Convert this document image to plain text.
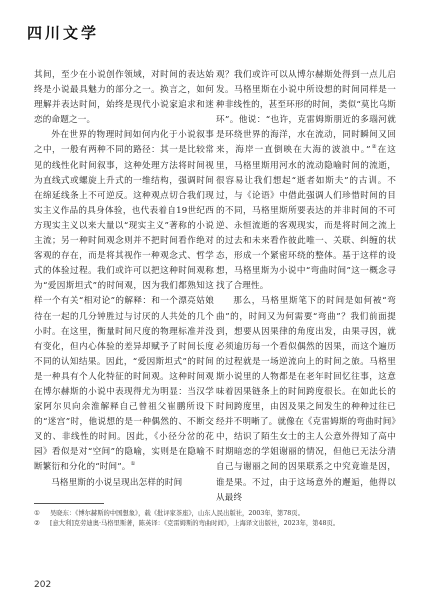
四川文学

其间，至少在小说创作领域，对时间的表达始终是小说最具魅力的部分之一。换言之，如何理解并表达时间，始终是现代小说家追求和迷恋的命题之一。

外在世界的物理时间如何内化于小说叙事之中，一般有两种不同的路径：其一是比较常见的线性化时间叙事，这种处理方法将时间视为直线式或螺旋上升式的一维结构，强调时间在绵延线条上不可逆反。这种观点切合我们现实主义作品的具身体验，也代表着自19世纪西方现实主义以来大量以“现实主义”著称的小说主流；另一种时间观念则并不把时间看作绝对客观的存在，而是将其视作一种观念式、哲学式的体验过程。我们或许可以把这种时间观称为“爱因斯坦式”的时间观，因为我们都熟知这样一个有关“相对论”的解释：和一个漂亮姑娘待在一起的几分钟胜过与讨厌的人共处的几个小时。在这里，衡量时间尺度的物理标准并没有变化，但内心体验的差异却赋予了时间长度不同的认知结果。因此，“爱因斯坦式”的时间是一种具有个人化特征的时间观。这种时间观在博尔赫斯的小说中表现得尤为明显：当汉学家阿尔贝向余淮解释自己曾祖父崔鹏所设下的“迷宫”时，他说想的是一种偶然的、不断交叉的、非线性的时间。因此，《小径分岔的花园》看似是对“空间”的隐喻，实则是在隐喻不断繁衍和分化的“时间”。①

马格里斯的小说呈现出怎样的时间

观？我们或许可以从博尔赫斯处得到一点儿启发。马格里斯在小说中所设想的时间同样是一种非线性的，甚至环形的时间，类似“莫比乌斯环”。他说：“也许，克雷姆斯朋近的多瑙河就是环绕世界的海洋，水在流动，同时瞬间又回来，海岸一直倒映在大海的波浪中。”②在这里，马格里斯用河水的流动隐喻时间的流逝，很容易让我们想起“逝者如斯夫”的古训。不过，与《论语》中借此强调人们珍惜时间的目的不同，马格里斯所要表达的并非时间的不可逆、永恒流逝的客观现实，而是将时间之流上的过去和未来看作彼此唯一、关联、纠缠的状态，形成一个紧密环绕的整体。基于这样的设想，马格里斯为小说中“弯曲时间”这一概念寻找了合理性。

那么，马格里斯笔下的时间是如何被“弯曲”的，时间又为何需要“弯曲”？我们前面提到，想要从因果律的角度出发，由果寻因，就必须逾历每一个看似偶然的因果，而这个遍历的过程就是一场逆流向上的时间之旅。马格里斯小说里的人物都是在老年时回忆往事，这意味着因果链条上的时间跨度很长。在如此长的时间跨度里，由因及果之间发生的种种过往已经并不明晰了。就像在《克雷姆斯的弯曲时间》中，结识了陌生女士的主人公意外得知了高中时期暗恋的学姐谢丽的情况，但他已无法分清自己与谢丽之间的因果联系之中究竟谁是因，谁是果。不过，由于这场意外的邂逅，他得以从最终

①	吴晓东：《博尔赫斯的中国想象》，载《批评家茶座》，山东人民出版社，2003年，第78页。
②	[意大利]克劳迪奥·马格里斯著，陈英译：《克雷姆斯的弯曲时间》，上海译文出版社，2023年，第48页。
202
